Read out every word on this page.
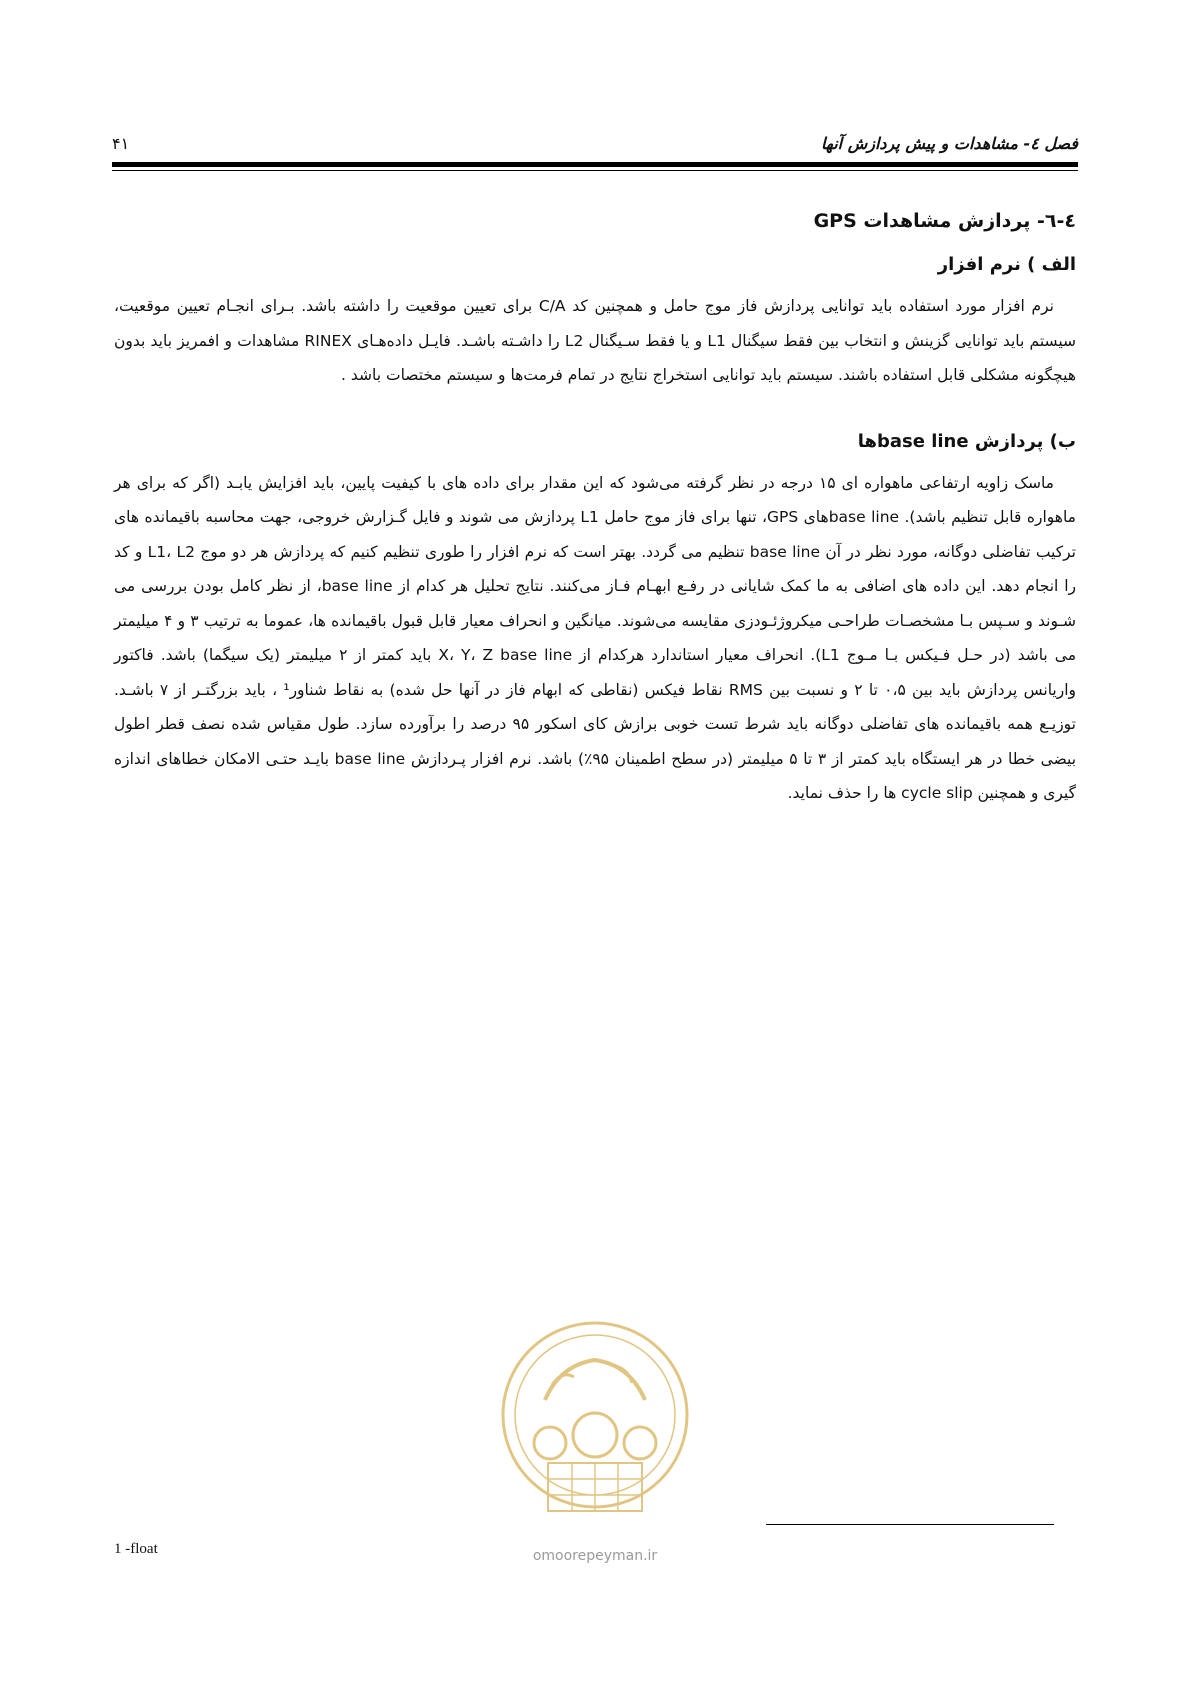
فصل ٤- مشاهدات و پیش پردازش آنها
۴۱
٤-٦- پردازش مشاهدات GPS
الف ) نرم افزار

نرم افزار مورد استفاده باید توانایی پردازش فاز موج حامل و همچنین کد C/A برای تعیین موقعیت را داشته باشد. بـرای انجـام تعیین موقعیت، سیستم باید توانایی گزینش و انتخاب بین فقط سیگنال L1 و یا فقط سـیگنال L2 را داشـته باشـد. فایـل داده‌هـای RINEX مشاهدات و افمریز باید بدون هیچگونه مشکلی قابل استفاده باشند. سیستم باید توانایی استخراج نتایج در تمام فرمت‌ها و سیستم مختصات باشد .

ب) پردازش base lineها

ماسک زاویه ارتفاعی ماهواره ای ۱۵ درجه در نظر گرفته می‌شود که این مقدار برای داده های با کیفیت پایین، باید افزایش یابـد (اگر که برای هر ماهواره قابل تنظیم باشد). base lineهای GPS، تنها برای فاز موج حامل L1 پردازش می شوند و فایل گـزارش خروجی، جهت محاسبه باقیمانده های ترکیب تفاضلی دوگانه، مورد نظر در آن base line تنظیم می گردد. بهتر است که نرم افزار را طوری تنظیم کنیم که پردازش هر دو موج L1، L2 و کد را انجام دهد. این داده های اضافی به ما کمک شایانی در رفـع ابهـام فـاز می‌کنند. نتایج تحلیل هر کدام از base line، از نظر کامل بودن بررسی می شـوند و سـپس بـا مشخصـات طراحـی میکروژئـودزی مقایسه می‌شوند. میانگین و انحراف معیار قابل قبول باقیمانده ها، عموما به ترتیب ۳ و ۴ میلیمتر می باشد (در حـل فـیکس بـا مـوج L1). انحراف معیار استاندارد هرکدام از X، Y، Z base line باید کمتر از ۲ میلیمتر (یک سیگما) باشد. فاکتور واریانس پردازش باید بین ۰،۵ تا ۲ و نسبت بین RMS نقاط فیکس (نقاطی که ابهام فاز در آنها حل شده) به نقاط شناور¹ ، باید بزرگتـر از ۷ باشـد. توزیـع همه باقیمانده های تفاضلی دوگانه باید شرط تست خوبی برازش کای اسکور ۹۵ درصد را برآورده سازد. طول مقیاس شده نصف قطر اطول بیضی خطا در هر ایستگاه باید کمتر از ۳ تا ۵ میلیمتر (در سطح اطمینان ۹۵٪) باشد. نرم افزار پـردازش base line بایـد حتـی الامکان خطاهای اندازه گیری و همچنین cycle slip ها را حذف نماید.

omoorepeyman.ir
1 -float
